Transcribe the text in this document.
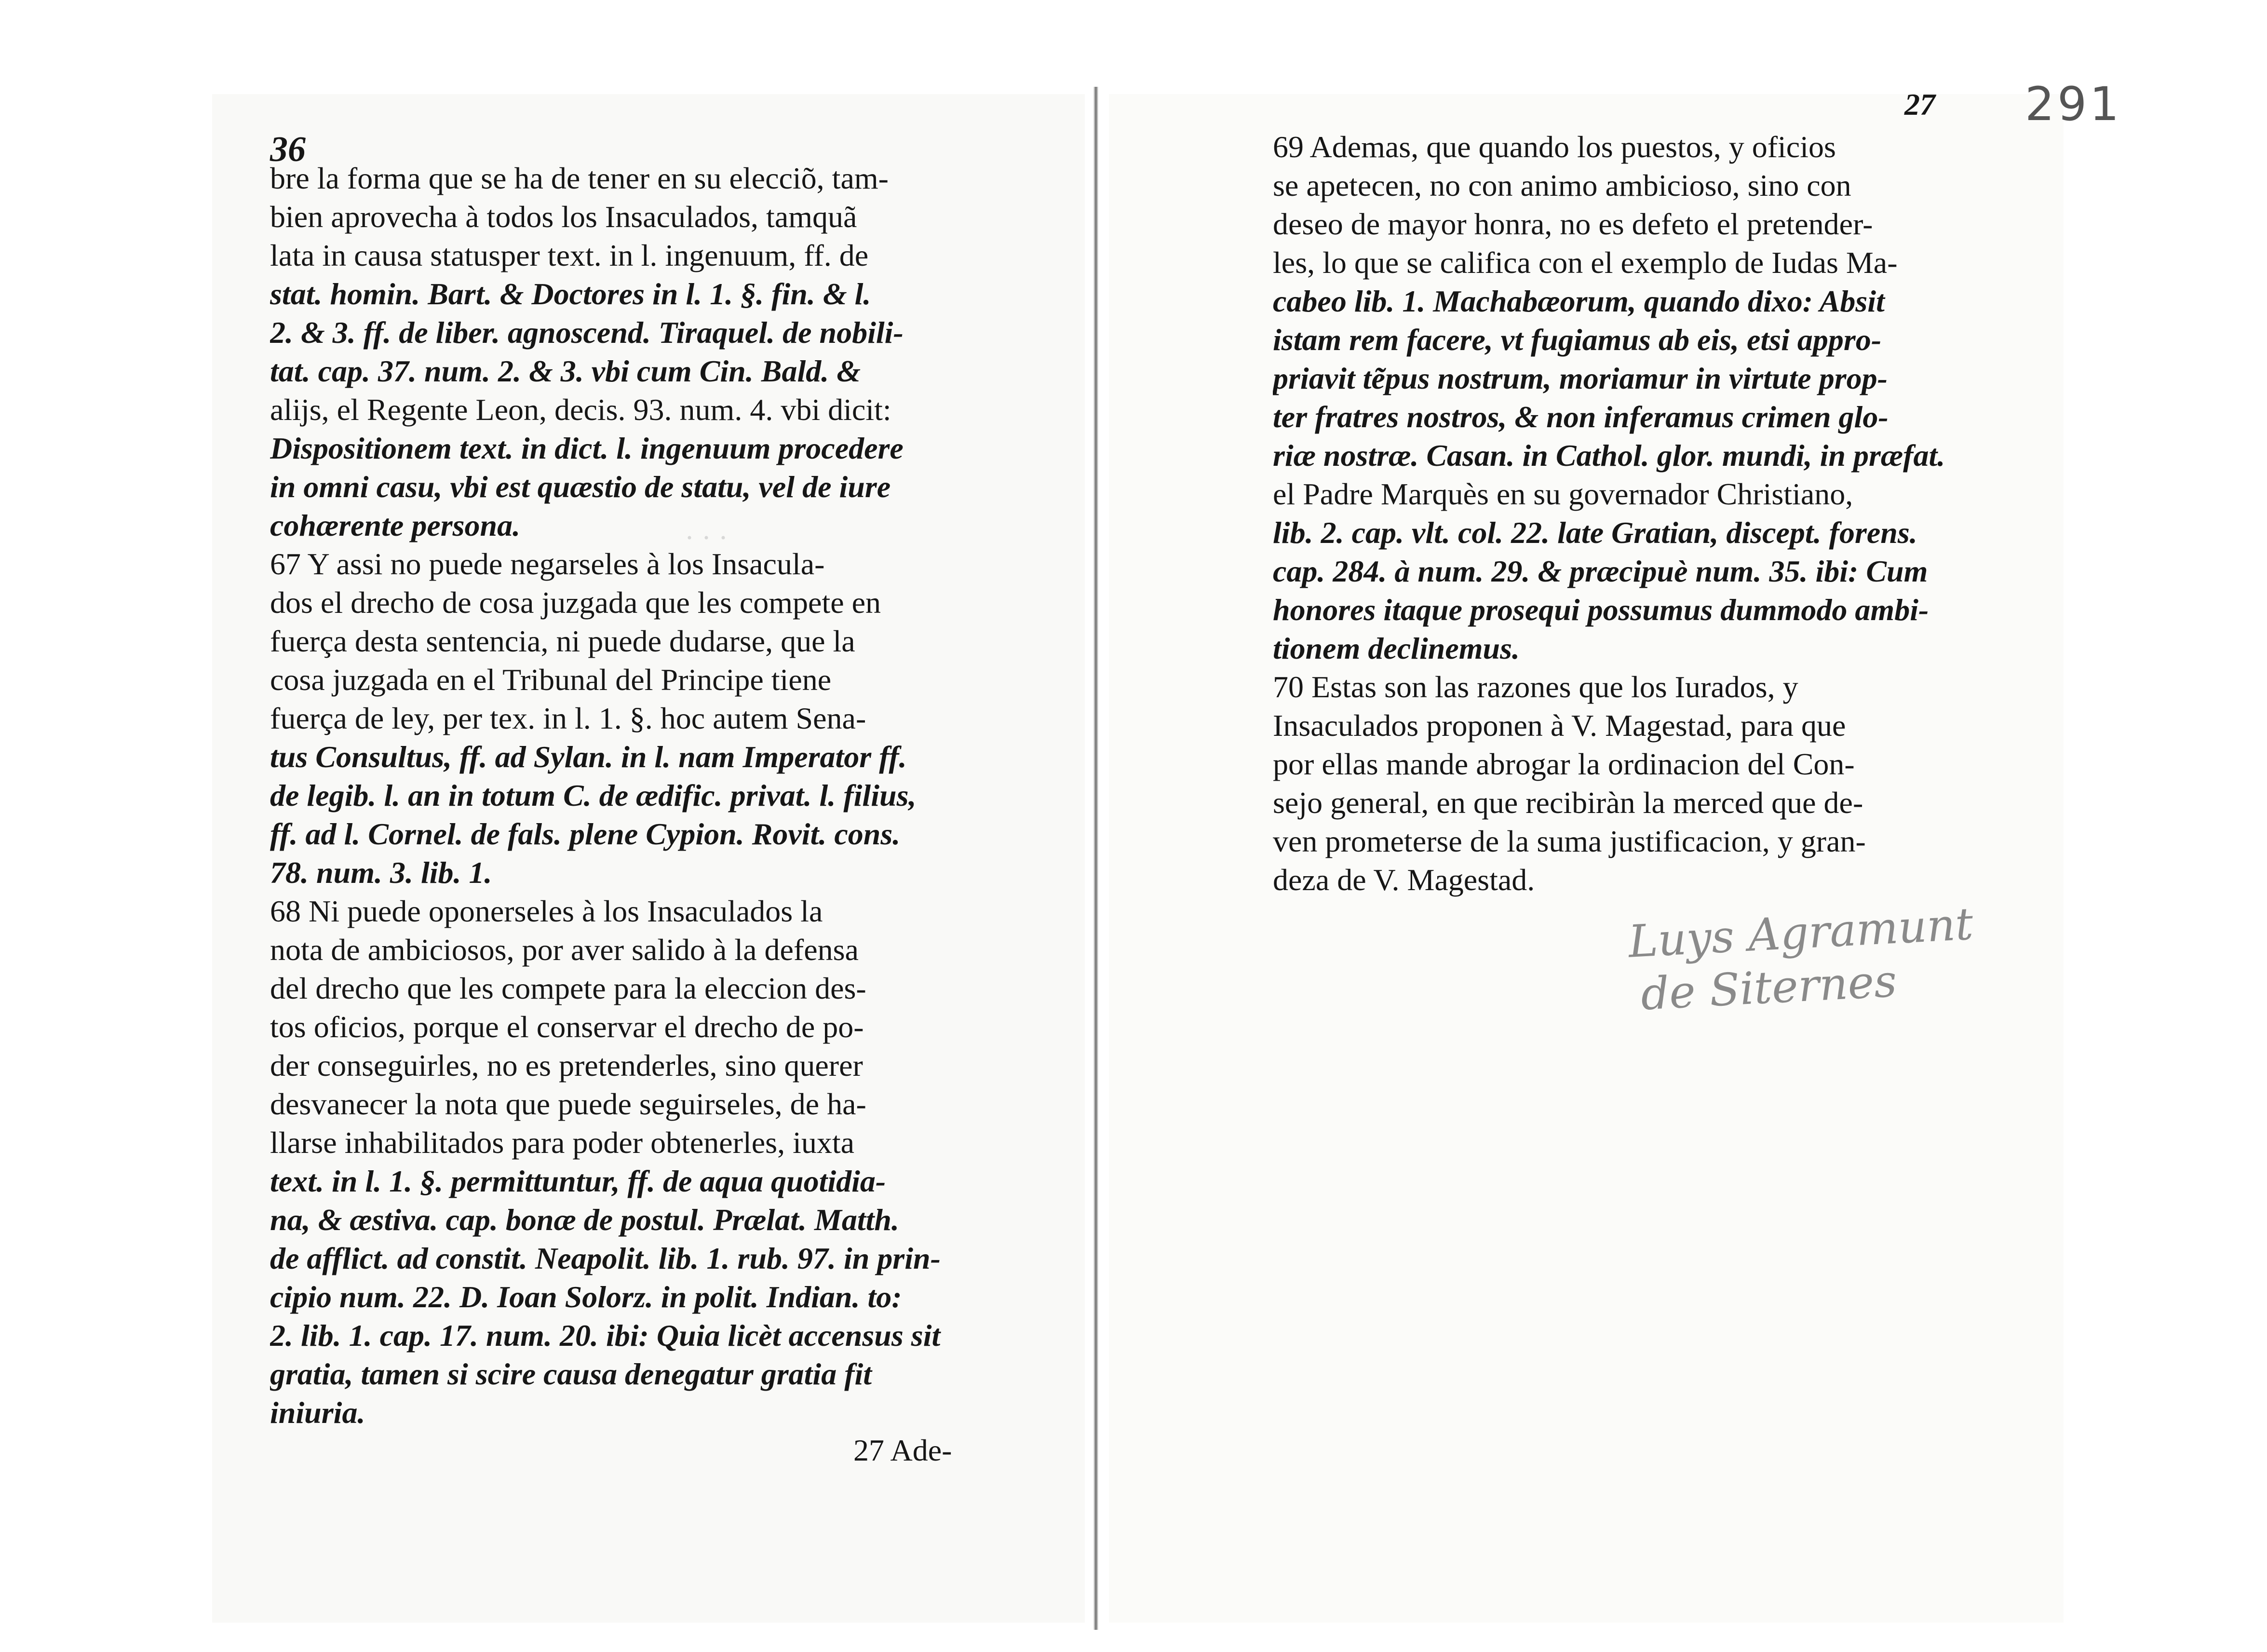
· · ·
36
27 291
bre la forma que se ha de tener en su elecciõ, tam-
bien aprovecha à todos los Insaculados, tamquã
lata in causa statusper text. in l. ingenuum, ff. de
stat. homin. Bart. & Doctores in l. 1. §. fin. & l.
2. & 3. ff. de liber. agnoscend. Tiraquel. de nobili-
tat. cap. 37. num. 2. & 3. vbi cum Cin. Bald. &
alijs, el Regente Leon, decis. 93. num. 4. vbi dicit:
Dispositionem text. in dict. l. ingenuum procedere
in omni casu, vbi est quæstio de statu, vel de iure
cohærente persona.
67 Y assi no puede negarseles à los Insacula-
dos el drecho de cosa juzgada que les compete en
fuerça desta sentencia, ni puede dudarse, que la
cosa juzgada en el Tribunal del Principe tiene
fuerça de ley, per tex. in l. 1. §. hoc autem Sena-
tus Consultus, ff. ad Sylan. in l. nam Imperator ff.
de legib. l. an in totum C. de ædific. privat. l. filius,
ff. ad l. Cornel. de fals. plene Cypion. Rovit. cons.
78. num. 3. lib. 1.
68 Ni puede oponerseles à los Insaculados la
nota de ambiciosos, por aver salido à la defensa
del drecho que les compete para la eleccion des-
tos oficios, porque el conservar el drecho de po-
der conseguirles, no es pretenderles, sino querer
desvanecer la nota que puede seguirseles, de ha-
llarse inhabilitados para poder obtenerles, iuxta
text. in l. 1. §. permittuntur, ff. de aqua quotidia-
na, & æstiva. cap. bonæ de postul. Prælat. Matth.
de afflict. ad constit. Neapolit. lib. 1. rub. 97. in prin-
cipio num. 22. D. Ioan Solorz. in polit. Indian. to:
2. lib. 1. cap. 17. num. 20. ibi: Quia licèt accensus sit
gratia, tamen si scire causa denegatur gratia fit
iniuria.
27 Ade-
69 Ademas, que quando los puestos, y oficios
se apetecen, no con animo ambicioso, sino con
deseo de mayor honra, no es defeto el pretender-
les, lo que se califica con el exemplo de Iudas Ma-
cabeo lib. 1. Machabæorum, quando dixo: Absit
istam rem facere, vt fugiamus ab eis, etsi appro-
priavit tẽpus nostrum, moriamur in virtute prop-
ter fratres nostros, & non inferamus crimen glo-
riæ nostræ. Casan. in Cathol. glor. mundi, in præfat.
el Padre Marquès en su governador Christiano,
lib. 2. cap. vlt. col. 22. late Gratian, discept. forens.
cap. 284. à num. 29. & præcipuè num. 35. ibi: Cum
honores itaque prosequi possumus dummodo ambi-
tionem declinemus.
70 Estas son las razones que los Iurados, y
Insaculados proponen à V. Magestad, para que
por ellas mande abrogar la ordinacion del Con-
sejo general, en que recibiràn la merced que de-
ven prometerse de la suma justificacion, y gran-
deza de V. Magestad.
Luys Agramunt
de Siternes
